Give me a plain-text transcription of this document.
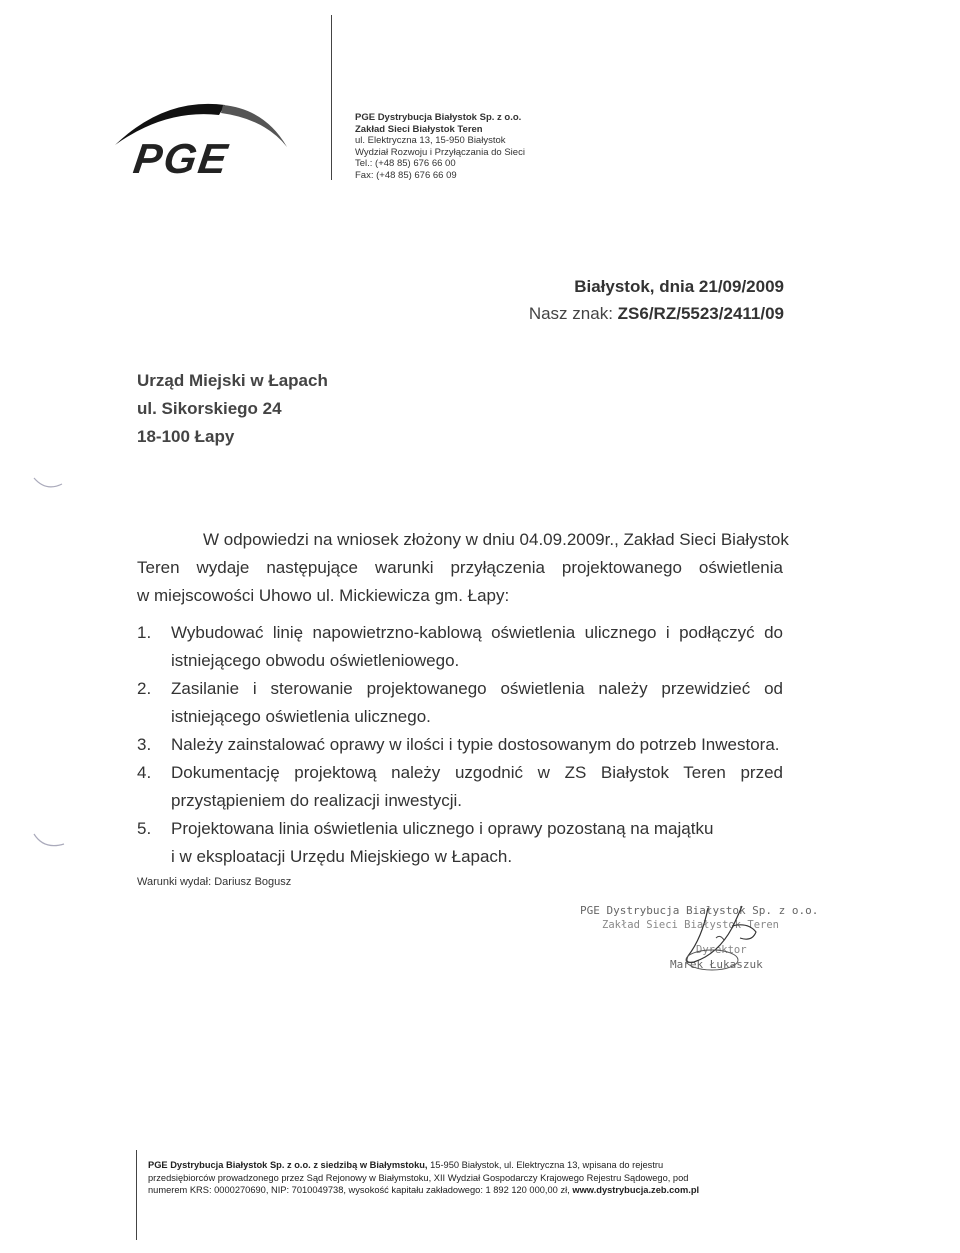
PGE
PGE Dystrybucja Białystok Sp. z o.o.
Zakład Sieci Białystok Teren
ul. Elektryczna 13, 15-950 Białystok
Wydział Rozwoju i Przyłączania do Sieci
Tel.: (+48 85) 676 66 00
Fax: (+48 85) 676 66 09
Białystok, dnia 21/09/2009
Nasz znak: ZS6/RZ/5523/2411/09
Urząd Miejski w Łapach
ul. Sikorskiego 24
18-100 Łapy
W odpowiedzi na wniosek złożony w dniu 04.09.2009r., Zakład Sieci Białystok
Teren wydaje następujące warunki przyłączenia projektowanego oświetlenia
w miejscowości Uhowo ul. Mickiewicza gm. Łapy:
1. Wybudować linię napowietrzno-kablową oświetlenia ulicznego i podłączyć do
istniejącego obwodu oświetleniowego.
2. Zasilanie i sterowanie projektowanego oświetlenia należy przewidzieć od
istniejącego oświetlenia ulicznego.
3. Należy zainstalować oprawy w ilości i typie dostosowanym do potrzeb Inwestora.
4. Dokumentację projektową należy uzgodnić w ZS Białystok Teren przed
przystąpieniem do realizacji inwestycji.
5. Projektowana linia oświetlenia ulicznego i oprawy pozostaną na majątku
i w eksploatacji Urzędu Miejskiego w Łapach.
Warunki wydał: Dariusz Bogusz
PGE Dystrybucja Białystok Sp. z o.o.
Zakład Sieci Białystok Teren
Dyrektor
Marek Łukaszuk
PGE Dystrybucja Białystok Sp. z o.o. z siedzibą w Białymstoku, 15-950 Białystok, ul. Elektryczna 13, wpisana do rejestru
przedsiębiorców prowadzonego przez Sąd Rejonowy w Białymstoku, XII Wydział Gospodarczy Krajowego Rejestru Sądowego, pod
numerem KRS: 0000270690, NIP: 7010049738, wysokość kapitału zakładowego: 1 892 120 000,00 zł, www.dystrybucja.zeb.com.pl
